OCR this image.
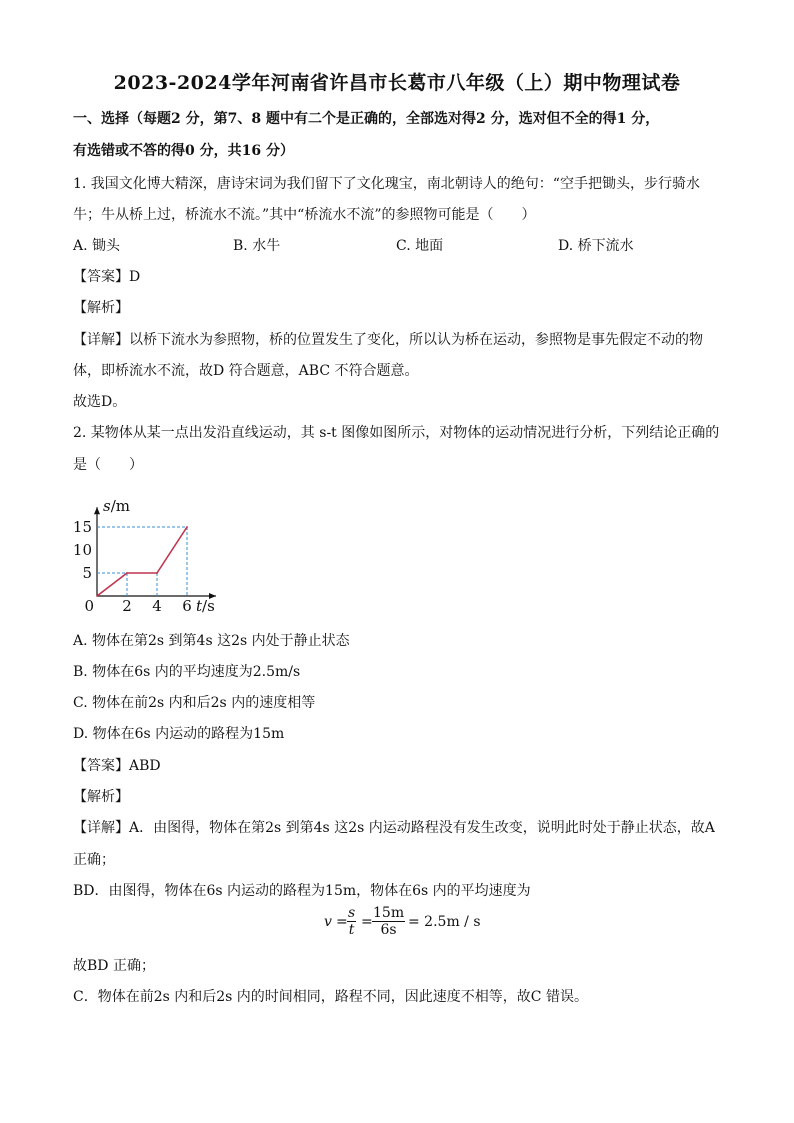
2023-2024学年河南省许昌市长葛市八年级（上）期中物理试卷
一、选择（每题2 分，第7、8 题中有二个是正确的，全部选对得2 分，选对但不全的得1 分，
有选错或不答的得0 分，共16 分）
1. 我国文化博大精深，唐诗宋词为我们留下了文化瑰宝，南北朝诗人的绝句：“空手把锄头，步行骑水
牛；牛从桥上过，桥流水不流。”其中“桥流水不流”的参照物可能是（　　）
A. 锄头	B. 水牛	C. 地面	D. 桥下流水
【答案】D
【解析】
【详解】以桥下流水为参照物，桥的位置发生了变化，所以认为桥在运动，参照物是事先假定不动的物
体，即桥流水不流，故D 符合题意，ABC 不符合题意。
故选D。
2. 某物体从某一点出发沿直线运动，其 s-t 图像如图所示，对物体的运动情况进行分析，下列结论正确的
是（　　）
2 4 6
5
10
15
0
s/m
t/s
A. 物体在第2s 到第4s 这2s 内处于静止状态
B. 物体在6s 内的平均速度为2.5m/s
C. 物体在前2s 内和后2s 内的速度相等
D. 物体在6s 内运动的路程为15m
【答案】ABD
【解析】
【详解】A．由图得，物体在第2s 到第4s 这2s 内运动路程没有发生改变，说明此时处于静止状态，故A
正确；
BD．由图得，物体在6s 内运动的路程为15m，物体在6s 内的平均速度为
$v = \frac{s}{t} = \frac{15m}{6s} = 2.5m / s$
故BD 正确；
C．物体在前2s 内和后2s 内的时间相同，路程不同，因此速度不相等，故C 错误。
